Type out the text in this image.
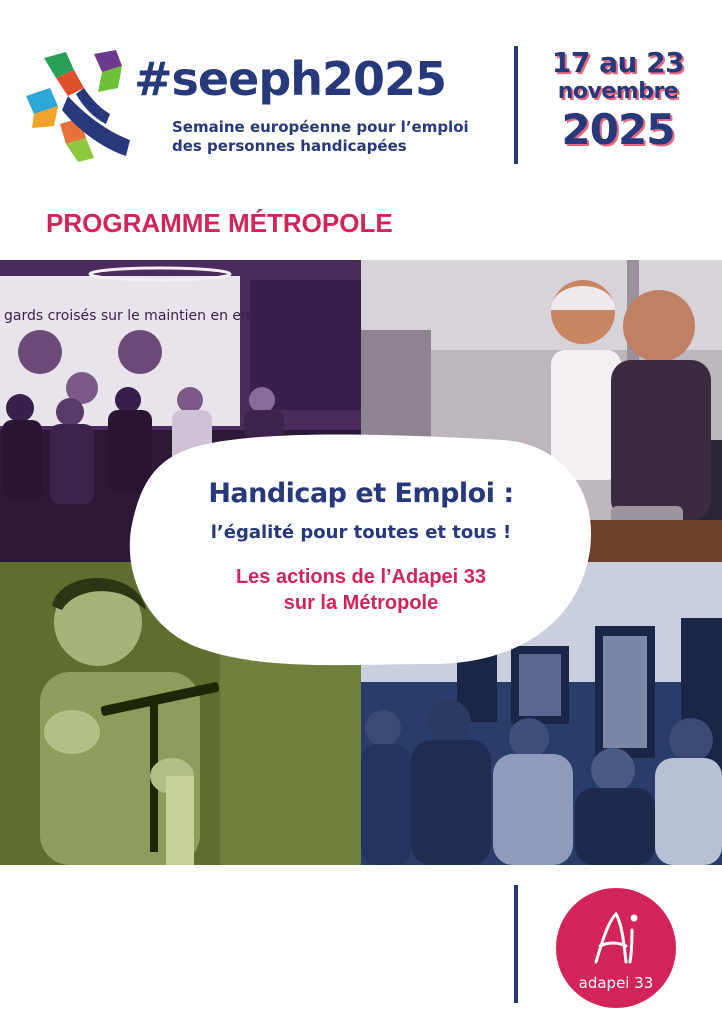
#seeph2025
Semaine européenne pour l’emploi
des personnes handicapées
17 au 23
novembre
2025
PROGRAMME MÉTROPOLE
gards croisés sur le maintien en emploi
Handicap et Emploi :
l’égalité pour toutes et tous !
Les actions de l’Adapei 33
sur la Métropole
adapei 33
